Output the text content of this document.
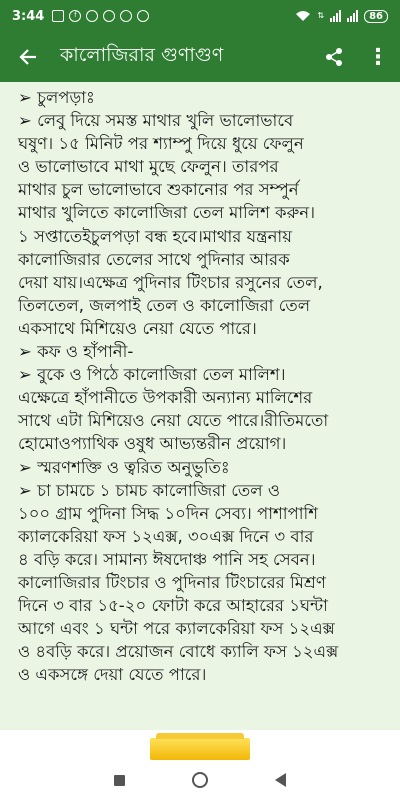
3:44	f	⇅	86
কালোজিরার গুণাগুণ	⋮

➢ চুলপড়াঃ

➢ লেবু দিয়ে সমস্ত মাথার খুলি ভালোভাবে

ঘষুণ। ১৫ মিনিট পর শ্যাম্পু দিয়ে ধুয়ে ফেলুন

ও ভালোভাবে মাথা মুছে ফেলুন। তারপর

মাথার চুল ভালোভাবে শুকানোর পর সম্পুর্ন

মাথার খুলিতে কালোজিরা তেল মালিশ করুন।

১ সপ্তাতেইচুলপড়া বন্ধ হবে।মাথার যন্ত্রনায়

কালোজিরার তেলের সাথে পুদিনার আরক

দেয়া যায়।এক্ষেত্র পুদিনার টিংচার রসুনের তেল,

তিলতেল, জলপাই তেল ও কালোজিরা তেল

একসাথে মিশিয়েও নেয়া যেতে পারে।

➢ কফ ও হাঁপানী-

➢ বুকে ও পিঠে কালোজিরা তেল মালিশ।

এক্ষেত্রে হাঁপানীতে উপকারী অন্যান্য মালিশের

সাথে এটা মিশিয়েও নেয়া যেতে পারে।রীতিমতো

হোমোওপ্যাথিক ওষুধ আভ্যন্তরীন প্রয়োগ।

➢ স্মরণশক্তি ও ত্বরিত অনুভুতিঃ

➢ চা চামচে ১ চামচ কালোজিরা তেল ও

১০০ গ্রাম পুদিনা সিদ্ধ ১০দিন সেব্য। পাশাপাশি

ক্যালকেরিয়া ফস ১২এক্স, ৩০এক্স দিনে ৩ বার

৪ বড়ি করে। সামান্য ঈষদোঞ্চ পানি সহ সেবন।

কালোজিরার টিংচার ও পুদিনার টিংচারের মিশ্রণ

দিনে ৩ বার ১৫-২০ ফোটা করে আহারের ১ঘন্টা

আগে এবং ১ ঘন্টা পরে ক্যালকেরিয়া ফস ১২এক্স

ও ৪বড়ি করে। প্রয়োজন বোধে ক্যালি ফস ১২এক্স

ও একসঙ্গে দেয়া যেতে পারে।
